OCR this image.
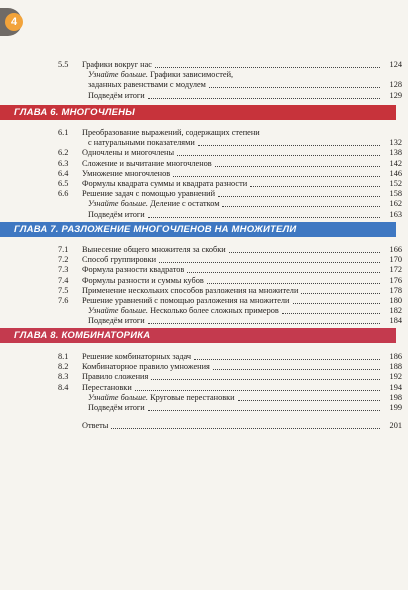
4
5.5	Графики вокруг нас	124
Узнайте больше. Графики зависимостей,
заданных равенствами с модулем	128
Подведём итоги	129
ГЛАВА 6. МНОГОЧЛЕНЫ
6.1	Преобразование выражений, содержащих степени
с натуральными показателями	132
6.2	Одночлены и многочлены	138
6.3	Сложение и вычитание многочленов	142
6.4	Умножение многочленов	146
6.5	Формулы квадрата суммы и квадрата разности	152
6.6	Решение задач с помощью уравнений	158
Узнайте больше. Деление с остатком	162
Подведём итоги	163
ГЛАВА 7. РАЗЛОЖЕНИЕ МНОГОЧЛЕНОВ НА МНОЖИТЕЛИ
7.1	Вынесение общего множителя за скобки	166
7.2	Способ группировки	170
7.3	Формула разности квадратов	172
7.4	Формулы разности и суммы кубов	176
7.5	Применение нескольких способов разложения на множители	178
7.6	Решение уравнений с помощью разложения на множители	180
Узнайте больше. Несколько более сложных примеров	182
Подведём итоги	184
ГЛАВА 8. КОМБИНАТОРИКА
8.1	Решение комбинаторных задач	186
8.2	Комбинаторное правило умножения	188
8.3	Правило сложения	192
8.4	Перестановки	194
Узнайте больше. Круговые перестановки	198
Подведём итоги	199
Ответы	201
